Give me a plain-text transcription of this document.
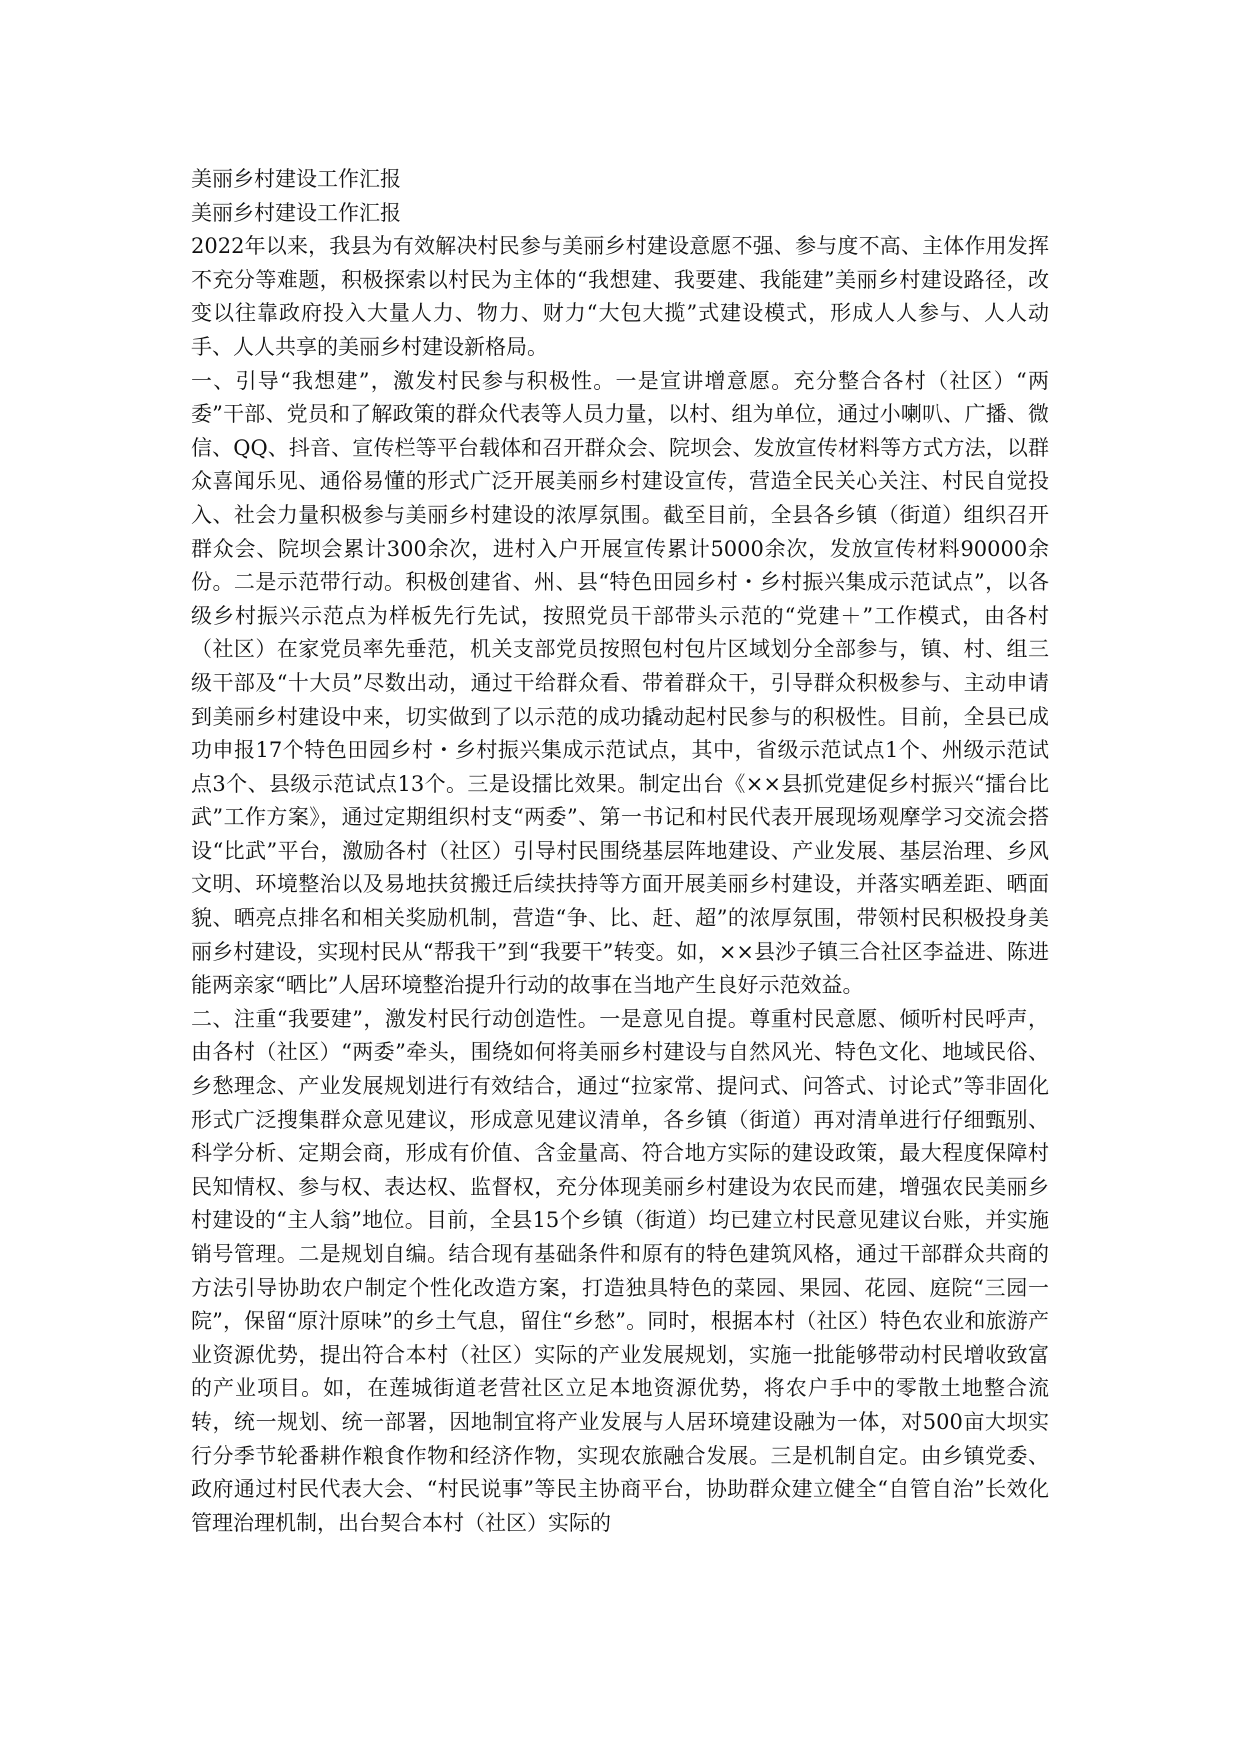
美丽乡村建设工作汇报

美丽乡村建设工作汇报

2022年以来，我县为有效解决村民参与美丽乡村建设意愿不强、参与度不高、主体作用发挥不充分等难题，积极探索以村民为主体的“我想建、我要建、我能建”美丽乡村建设路径，改变以往靠政府投入大量人力、物力、财力“大包大揽”式建设模式，形成人人参与、人人动手、人人共享的美丽乡村建设新格局。

一、引导“我想建”，激发村民参与积极性。一是宣讲增意愿。充分整合各村（社区）“两委”干部、党员和了解政策的群众代表等人员力量，以村、组为单位，通过小喇叭、广播、微信、QQ、抖音、宣传栏等平台载体和召开群众会、院坝会、发放宣传材料等方式方法，以群众喜闻乐见、通俗易懂的形式广泛开展美丽乡村建设宣传，营造全民关心关注、村民自觉投入、社会力量积极参与美丽乡村建设的浓厚氛围。截至目前，全县各乡镇（街道）组织召开群众会、院坝会累计300余次，进村入户开展宣传累计5000余次，发放宣传材料90000余份。二是示范带行动。积极创建省、州、县“特色田园乡村・乡村振兴集成示范试点”，以各级乡村振兴示范点为样板先行先试，按照党员干部带头示范的“党建＋”工作模式，由各村（社区）在家党员率先垂范，机关支部党员按照包村包片区域划分全部参与，镇、村、组三级干部及“十大员”尽数出动，通过干给群众看、带着群众干，引导群众积极参与、主动申请到美丽乡村建设中来，切实做到了以示范的成功撬动起村民参与的积极性。目前，全县已成功申报17个特色田园乡村・乡村振兴集成示范试点，其中，省级示范试点1个、州级示范试点3个、县级示范试点13个。三是设擂比效果。制定出台《××县抓党建促乡村振兴“擂台比武”工作方案》，通过定期组织村支“两委”、第一书记和村民代表开展现场观摩学习交流会搭设“比武”平台，激励各村（社区）引导村民围绕基层阵地建设、产业发展、基层治理、乡风文明、环境整治以及易地扶贫搬迁后续扶持等方面开展美丽乡村建设，并落实晒差距、晒面貌、晒亮点排名和相关奖励机制，营造“争、比、赶、超”的浓厚氛围，带领村民积极投身美丽乡村建设，实现村民从“帮我干”到“我要干”转变。如，××县沙子镇三合社区李益进、陈进能两亲家“晒比”人居环境整治提升行动的故事在当地产生良好示范效益。

二、注重“我要建”，激发村民行动创造性。一是意见自提。尊重村民意愿、倾听村民呼声，由各村（社区）“两委”牵头，围绕如何将美丽乡村建设与自然风光、特色文化、地域民俗、乡愁理念、产业发展规划进行有效结合，通过“拉家常、提问式、问答式、讨论式”等非固化形式广泛搜集群众意见建议，形成意见建议清单，各乡镇（街道）再对清单进行仔细甄别、科学分析、定期会商，形成有价值、含金量高、符合地方实际的建设政策，最大程度保障村民知情权、参与权、表达权、监督权，充分体现美丽乡村建设为农民而建，增强农民美丽乡村建设的“主人翁”地位。目前，全县15个乡镇（街道）均已建立村民意见建议台账，并实施销号管理。二是规划自编。结合现有基础条件和原有的特色建筑风格，通过干部群众共商的方法引导协助农户制定个性化改造方案，打造独具特色的菜园、果园、花园、庭院“三园一院”，保留“原汁原味”的乡土气息，留住“乡愁”。同时，根据本村（社区）特色农业和旅游产业资源优势，提出符合本村（社区）实际的产业发展规划，实施一批能够带动村民增收致富的产业项目。如，在莲城街道老营社区立足本地资源优势，将农户手中的零散土地整合流转，统一规划、统一部署，因地制宜将产业发展与人居环境建设融为一体，对500亩大坝实行分季节轮番耕作粮食作物和经济作物，实现农旅融合发展。三是机制自定。由乡镇党委、政府通过村民代表大会、“村民说事”等民主协商平台，协助群众建立健全“自管自治”长效化管理治理机制，出台契合本村（社区）实际的
